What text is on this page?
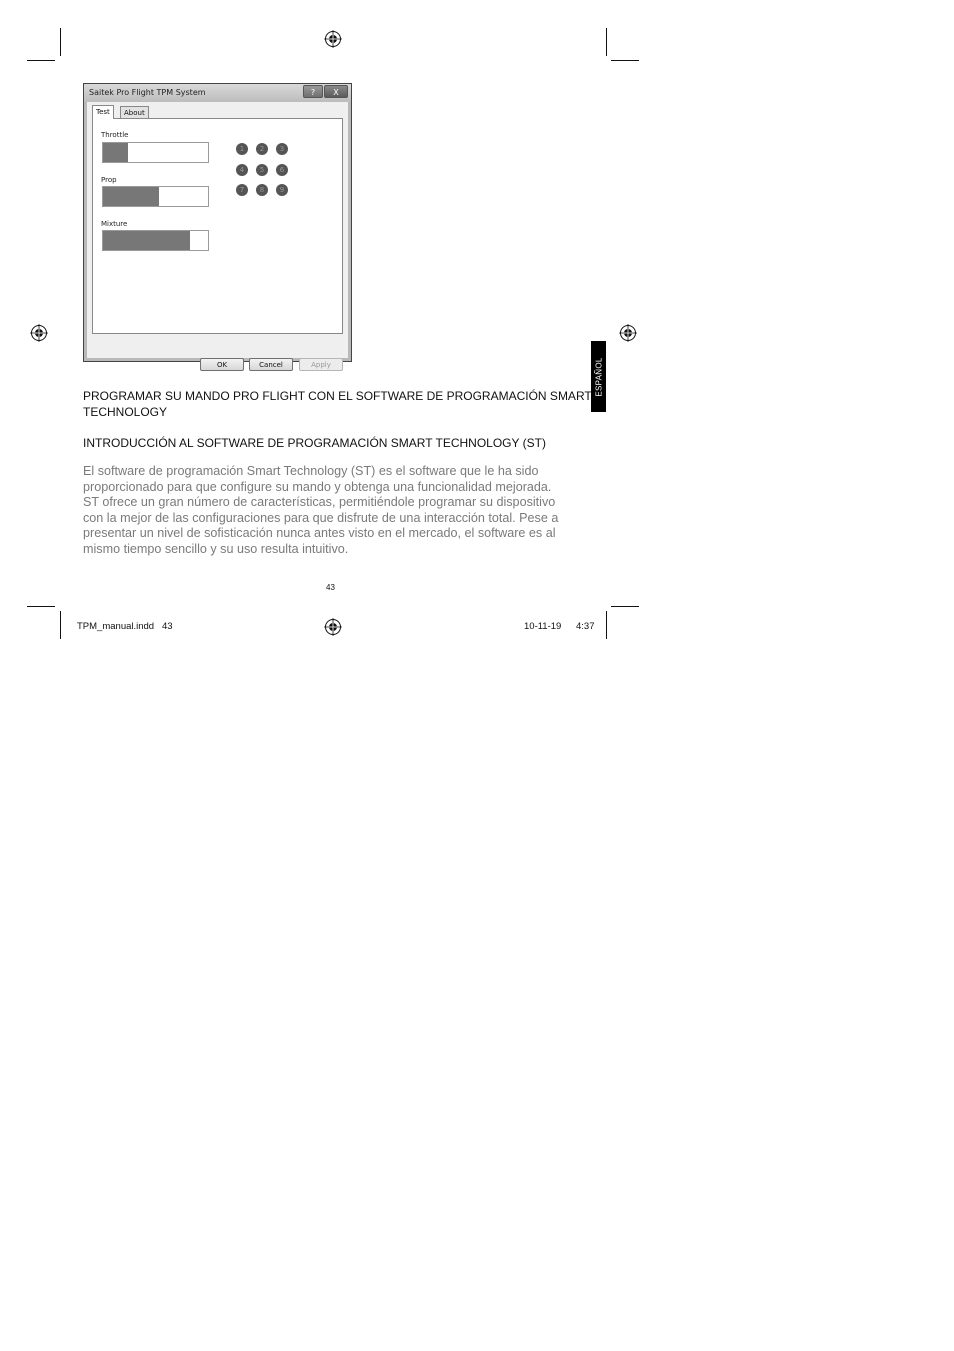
Saitek Pro Flight TPM System	?	X
Test	About
Throttle
Prop
Mixture
1	2	3
4	5	6
7	8	9
OK	Cancel	Apply	ESPAÑOL
PROGRAMAR SU MANDO PRO FLIGHT CON EL SOFTWARE DE PROGRAMACIÓN SMART
TECHNOLOGY
INTRODUCCIÓN AL SOFTWARE DE PROGRAMACIÓN SMART TECHNOLOGY (ST)
El software de programación Smart Technology (ST) es el software que le ha sido
proporcionado para que configure su mando y obtenga una funcionalidad mejorada.
ST ofrece un gran número de características, permitiéndole programar su dispositivo
con la mejor de las configuraciones para que disfrute de una interacción total. Pese a
presentar un nivel de sofisticación nunca antes visto en el mercado, el software es al
mismo tiempo sencillo y su uso resulta intuitivo.
43
TPM_manual.indd   43	10-11-19 4:37
